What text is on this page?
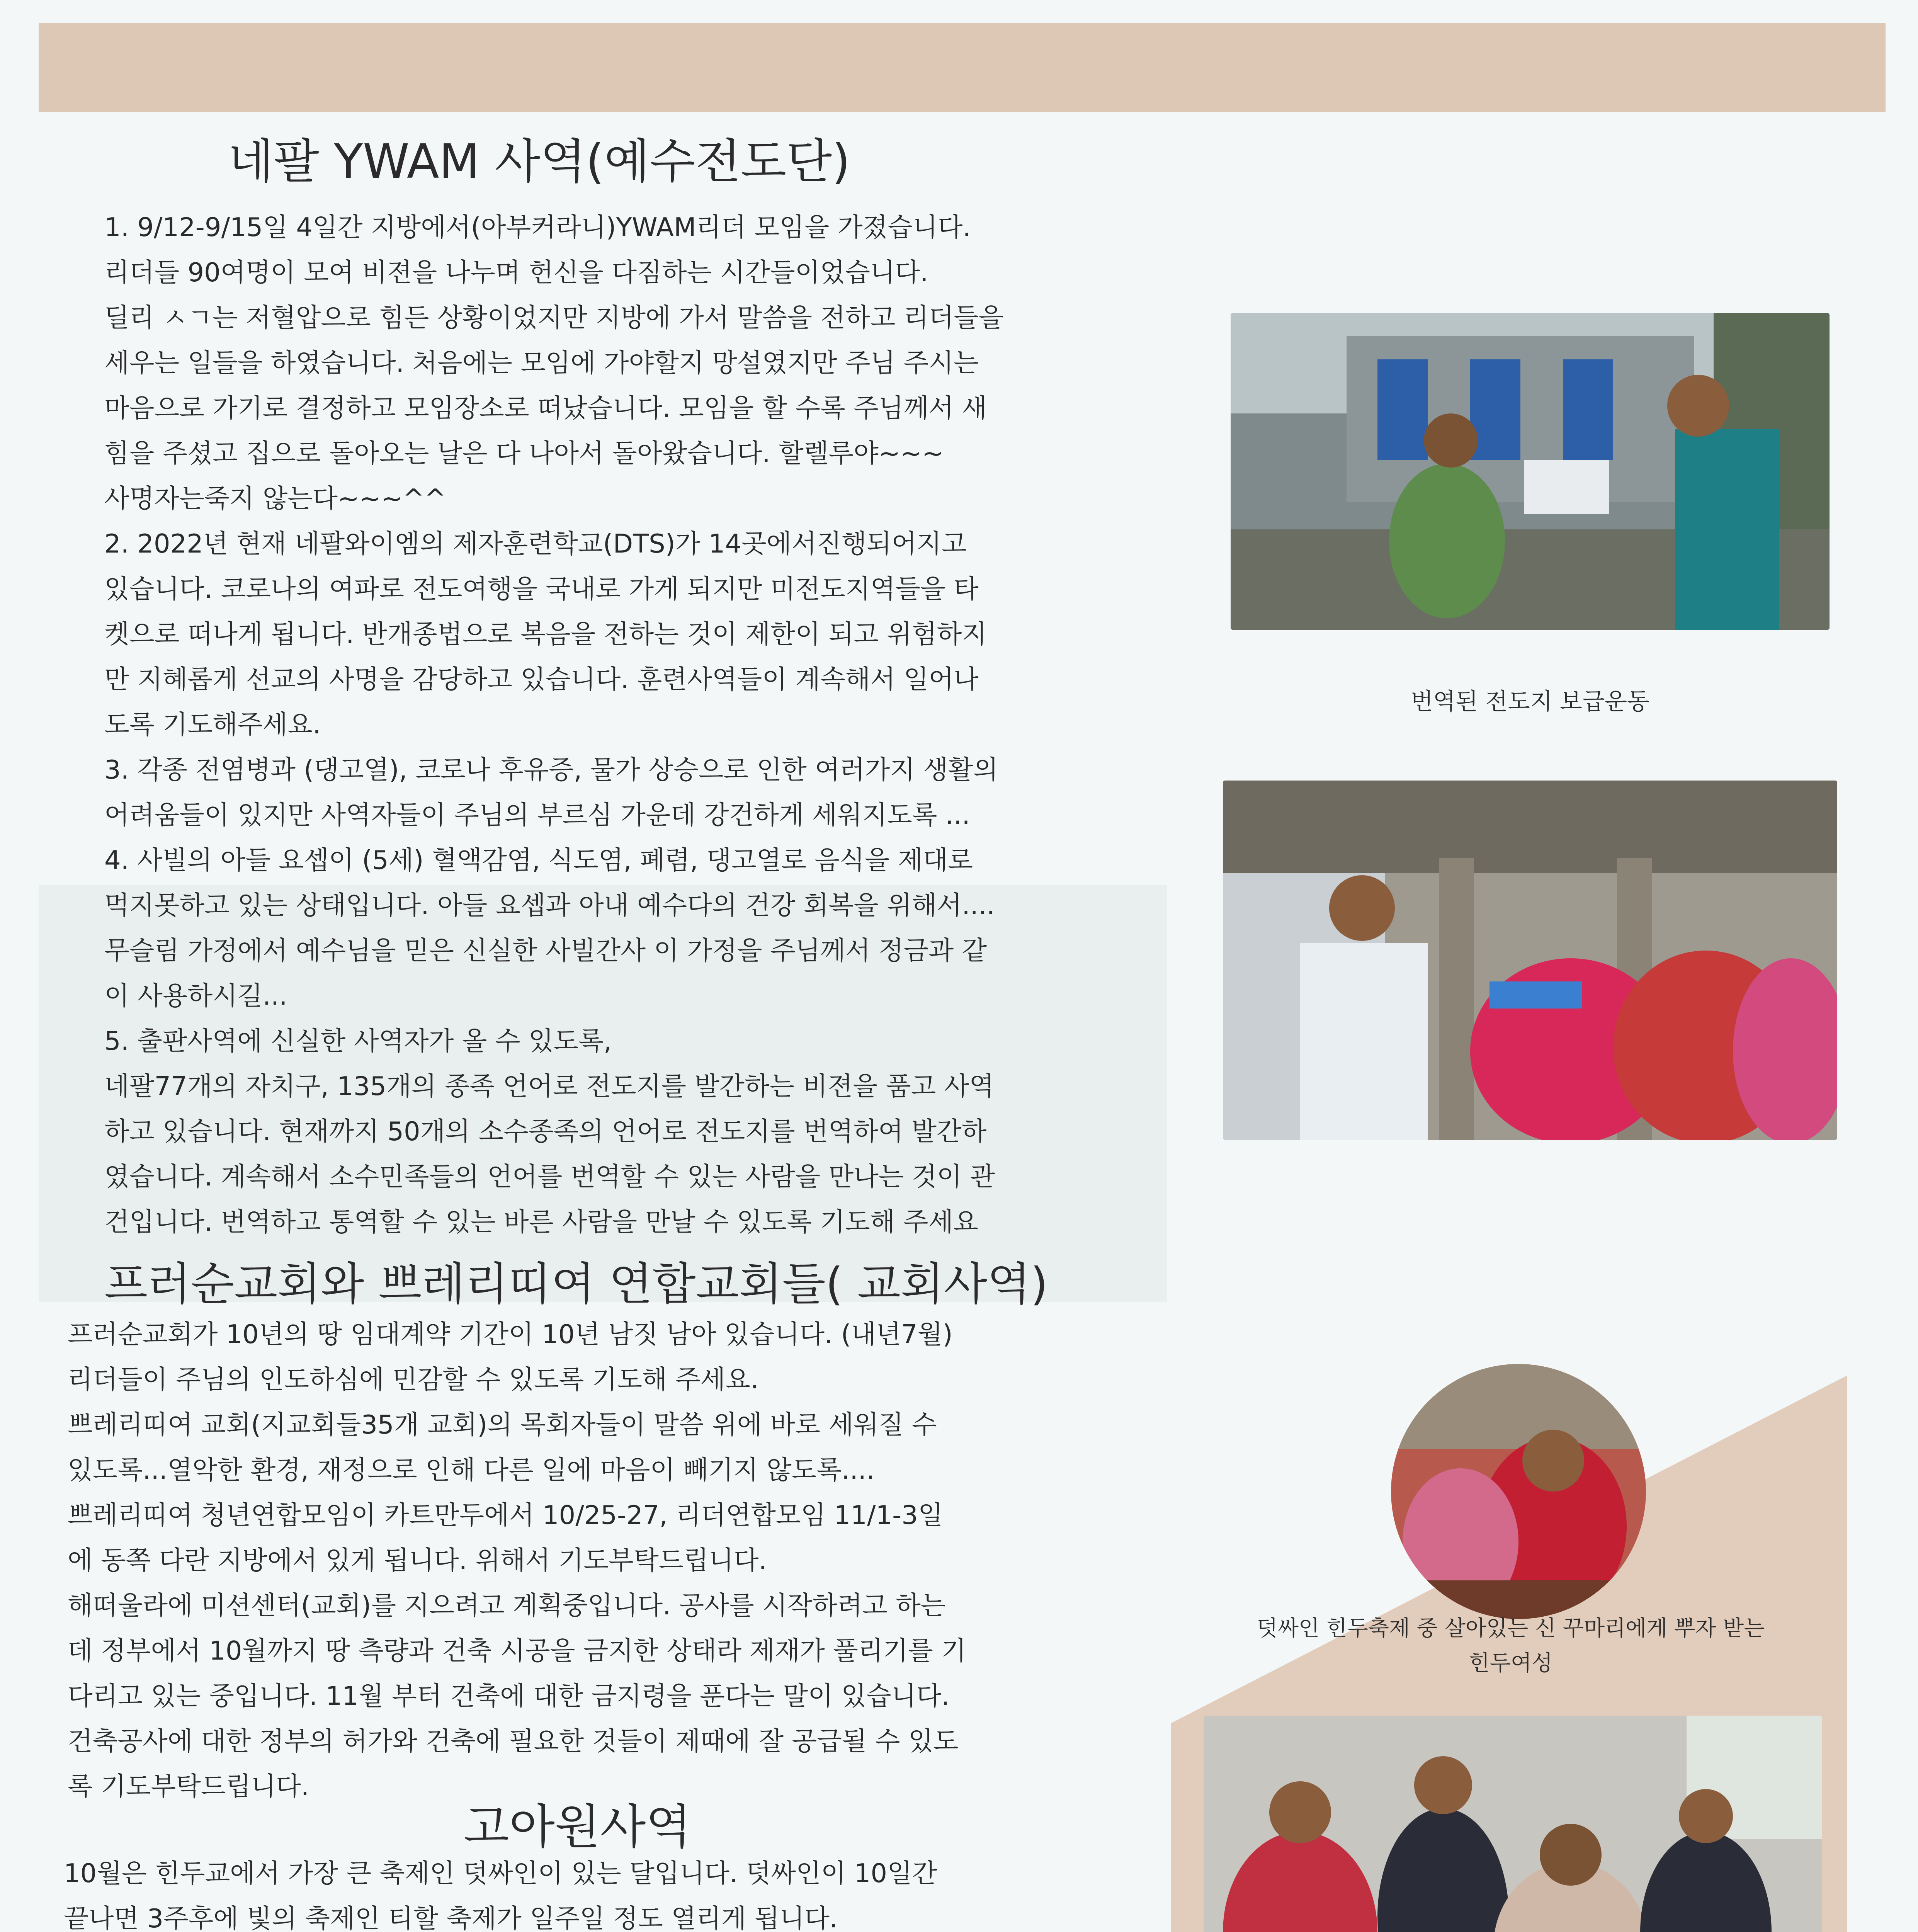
네팔 YWAM 사역(예수전도단)
1. 9/12-9/15일 4일간 지방에서(아부커라니)YWAM리더 모임을 가졌습니다.
리더들 90여명이 모여 비젼을 나누며 헌신을 다짐하는 시간들이었습니다.
딜리 ㅅㄱ는 저혈압으로 힘든 상황이었지만 지방에 가서 말씀을 전하고 리더들을
세우는 일들을 하였습니다. 처음에는 모임에 가야할지 망설였지만 주님 주시는
마음으로 가기로 결정하고 모임장소로 떠났습니다. 모임을 할 수록 주님께서 새
힘을 주셨고 집으로 돌아오는 날은 다 나아서 돌아왔습니다. 할렐루야~~~
사명자는죽지 않는다~~~^^
2. 2022년 현재 네팔와이엠의 제자훈련학교(DTS)가 14곳에서진행되어지고
있습니다. 코로나의 여파로 전도여행을 국내로 가게 되지만 미전도지역들을 타
켓으로 떠나게 됩니다. 반개종법으로 복음을 전하는 것이 제한이 되고 위험하지
만 지혜롭게 선교의 사명을 감당하고 있습니다. 훈련사역들이 계속해서 일어나
도록 기도해주세요.
3. 각종 전염병과 (댕고열), 코로나 후유증, 물가 상승으로 인한 여러가지 생활의
어려움들이 있지만 사역자들이 주님의 부르심 가운데 강건하게 세워지도록 ...
4. 사빌의 아들 요셉이 (5세) 혈액감염, 식도염, 폐렴, 댕고열로 음식을 제대로
먹지못하고 있는 상태입니다. 아들 요셉과 아내 예수다의 건강 회복을 위해서....
무슬림 가정에서 예수님을 믿은 신실한 사빌간사 이 가정을 주님께서 정금과 같
이 사용하시길...
5. 출판사역에 신실한 사역자가 올 수 있도록,
네팔77개의 자치구, 135개의 종족 언어로 전도지를 발간하는 비젼을 품고 사역
하고 있습니다. 현재까지 50개의 소수종족의 언어로 전도지를 번역하여 발간하
였습니다. 계속해서 소수민족들의 언어를 번역할 수 있는 사람을 만나는 것이 관
건입니다. 번역하고 통역할 수 있는 바른 사람을 만날 수 있도록 기도해 주세요
프러순교회와 쁘레리띠여 연합교회들( 교회사역)
프러순교회가 10년의 땅 임대계약 기간이 10년 남짓 남아 있습니다. (내년7월)
리더들이 주님의 인도하심에 민감할 수 있도록 기도해 주세요.
쁘레리띠여 교회(지교회들35개 교회)의 목회자들이 말씀 위에 바로 세워질 수
있도록...열악한 환경, 재정으로 인해 다른 일에 마음이 빼기지 않도록....
쁘레리띠여 청년연합모임이 카트만두에서 10/25-27, 리더연합모임 11/1-3일
에 동쪽 다란 지방에서 있게 됩니다. 위해서 기도부탁드립니다.
해떠울라에 미션센터(교회)를 지으려고 계획중입니다. 공사를 시작하려고 하는
데 정부에서 10월까지 땅 측량과 건축 시공을 금지한 상태라 제재가 풀리기를 기
다리고 있는 중입니다. 11월 부터 건축에 대한 금지령을 푼다는 말이 있습니다.
건축공사에 대한 정부의 허가와 건축에 필요한 것들이 제때에 잘 공급될 수 있도
록 기도부탁드립니다.
고아원사역
10월은 힌두교에서 가장 큰 축제인 덧싸인이 있는 달입니다. 덧싸인이 10일간
끝나면 3주후에 빛의 축제인 티할 축제가 일주일 정도 열리게 됩니다.
번역된 전도지 보급운동
덧싸인 힌두축제 중 살아있는 신 꾸마리에게 뿌자 받는
힌두여성
